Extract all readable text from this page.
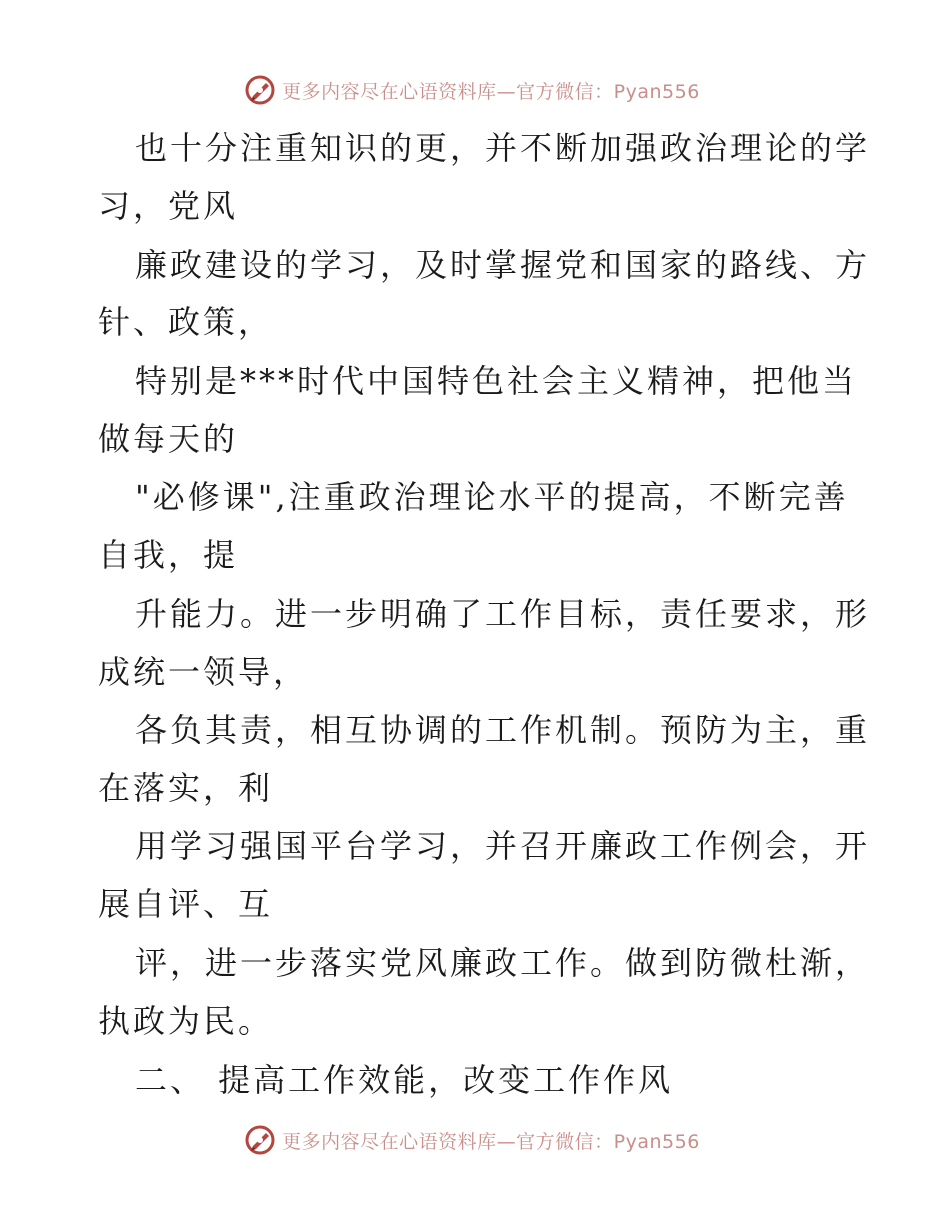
更多内容尽在心语资料库—官方微信：Pyan556
也十分注重知识的更，并不断加强政治理论的学
习，党风
廉政建设的学习，及时掌握党和国家的路线、方
针、政策，
特别是***时代中国特色社会主义精神，把他当
做每天的
"必修课",注重政治理论水平的提高，不断完善
自我，提
升能力。进一步明确了工作目标，责任要求，形
成统一领导，
各负其责，相互协调的工作机制。预防为主，重
在落实，利
用学习强国平台学习，并召开廉政工作例会，开
展自评、互
评，进一步落实党风廉政工作。做到防微杜渐，
执政为民。
二、 提高工作效能，改变工作作风
更多内容尽在心语资料库—官方微信：Pyan556
